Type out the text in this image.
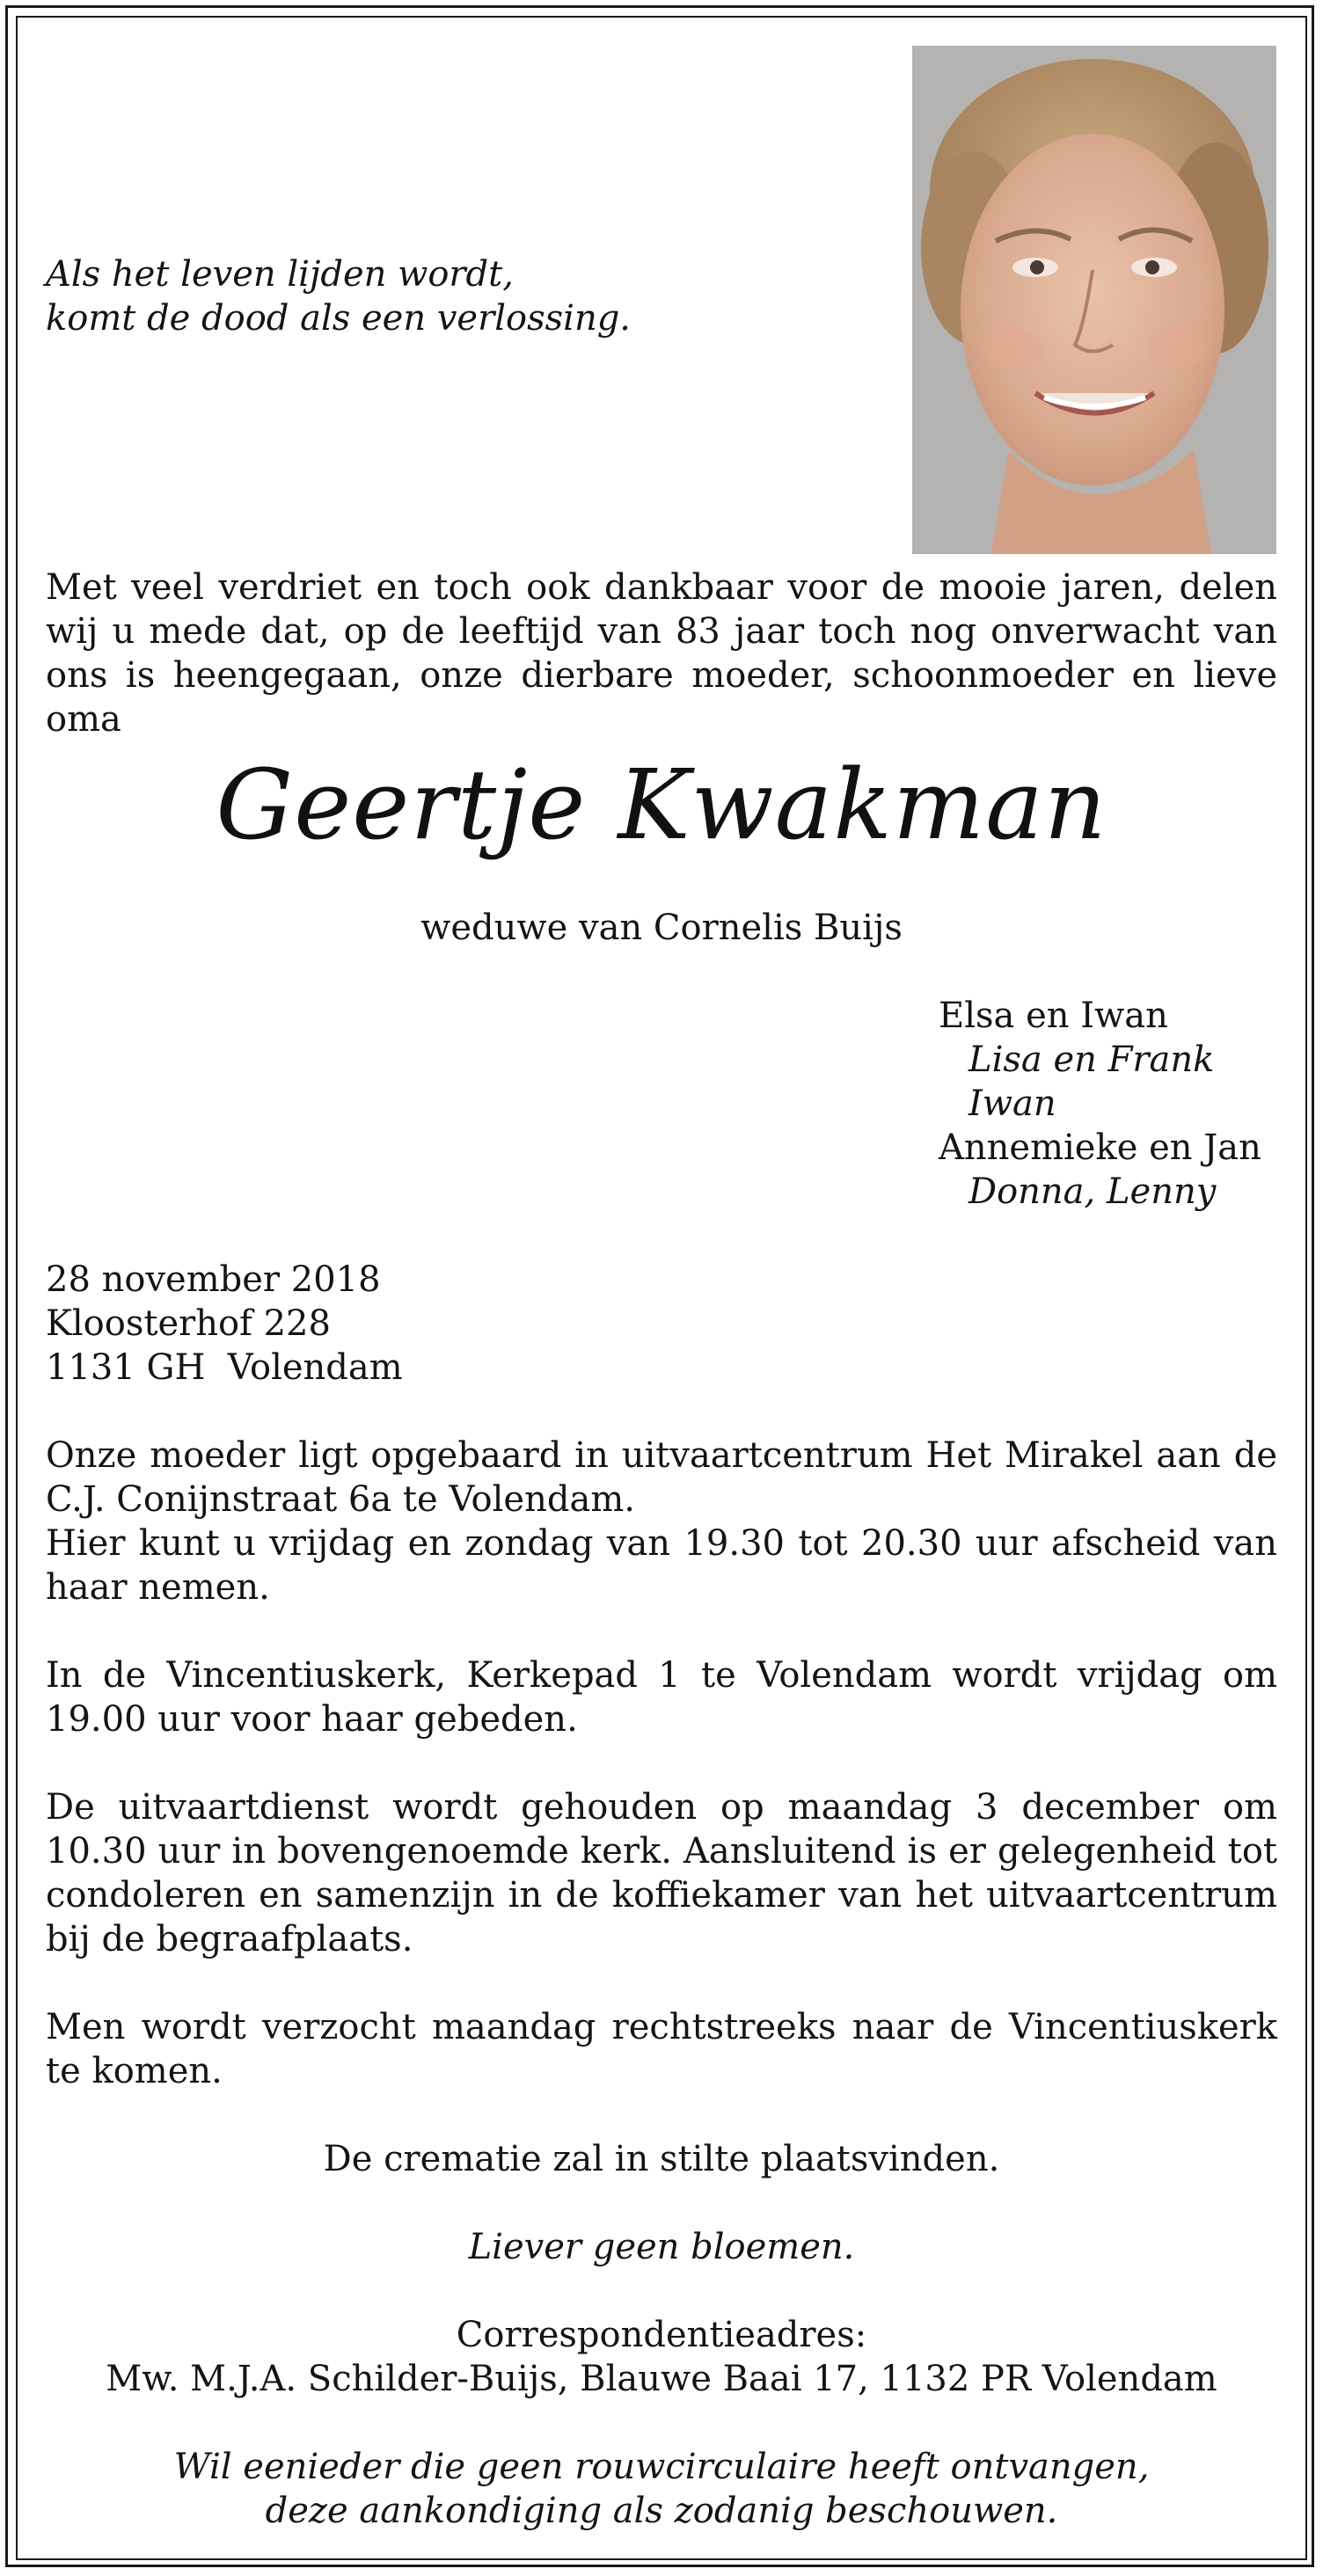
Als het leven lijden wordt,

komt de dood als een verlossing.

Met veel verdriet en toch ook dankbaar voor de mooie jaren, delen wij u mede dat, op de leeftijd van 83 jaar toch nog onverwacht van ons is heengegaan, onze dierbare moeder, schoonmoeder en lieve oma

Geertje Kwakman

weduwe van Cornelis Buijs

Elsa en Iwan

Lisa en Frank

Iwan

Annemieke en Jan

Donna, Lenny

28 november 2018

Kloosterhof 228

1131 GH  Volendam

Onze moeder ligt opgebaard in uitvaartcentrum Het Mirakel aan de C.J. Conijnstraat 6a te Volendam.

Hier kunt u vrijdag en zondag van 19.30 tot 20.30 uur afscheid van haar nemen.

In de Vincentiuskerk, Kerkepad 1 te Volendam wordt vrijdag om 19.00 uur voor haar gebeden.

De uitvaartdienst wordt gehouden op maandag 3 december om 10.30 uur in bovengenoemde kerk. Aansluitend is er gelegenheid tot condoleren en samenzijn in de koffiekamer van het uitvaartcentrum bij de begraafplaats.

Men wordt verzocht maandag rechtstreeks naar de Vincentiuskerk te komen.

De crematie zal in stilte plaatsvinden.

Liever geen bloemen.

Correspondentieadres:

Mw. M.J.A. Schilder-Buijs, Blauwe Baai 17, 1132 PR Volendam

Wil eenieder die geen rouwcirculaire heeft ontvangen,

deze aankondiging als zodanig beschouwen.
